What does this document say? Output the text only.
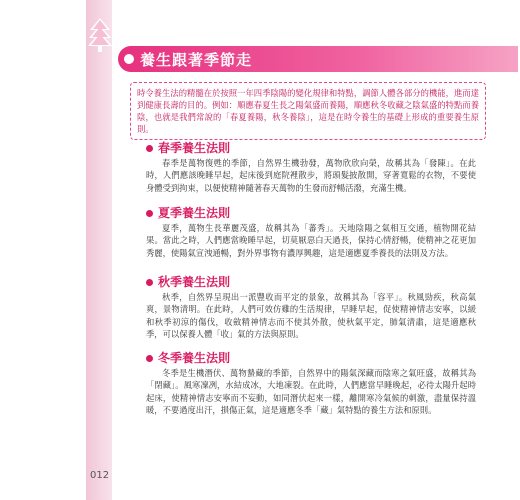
養生跟著季節走
時令養生法的精髓在於按照一年四季陰陽的變化規律和特點，調節人體各部分的機能，進而達到健康長壽的目的。例如：順應春夏生長之陽氣盛而養陽，順應秋冬收藏之陰氣盛的特點而養陰，也就是我們常說的「春夏養陽，秋冬養陰」，這是在時令養生的基礎上形成的重要養生原則。
春季養生法則
春季是萬物復甦的季節，自然界生機勃發，萬物欣欣向榮，故稱其為「發陳」。在此時，人們應該晚睡早起，起床後到庭院裡散步，將頭髮披散開，穿著寬鬆的衣物，不要使身體受到拘束，以便使精神隨著春天萬物的生發而舒暢活潑，充滿生機。
夏季養生法則
夏季，萬物生長華麗茂盛，故稱其為「蕃秀」。天地陰陽之氣相互交通，植物開花結果。當此之時，人們應當晚睡早起，切莫厭惡白天過長，保持心情舒暢，使精神之花更加秀麗，使陽氣宣洩通暢，對外界事物有濃厚興趣，這是適應夏季養長的法則及方法。
秋季養生法則
秋季，自然界呈現出一派豐收而平定的景象，故稱其為「容平」。秋風勁疾，秋高氣爽，景物清明。在此時，人們可效仿雞的生活規律，早睡早起，促使精神情志安寧，以緩和秋季初涼的傷伐，收斂精神情志而不使其外散，使秋氣平定，肺氣清肅，這是適應秋季，可以保養人體「收」氣的方法與原則。
冬季養生法則
冬季是生機潛伏、萬物蟄藏的季節，自然界中的陽氣深藏而陰寒之氣旺盛，故稱其為「閉藏」。風寒凜冽，水結成冰，大地凍裂。在此時，人們應當早睡晚起，必待太陽升起時起床，使精神情志安寧而不妄動，如同潛伏起來一樣，離開寒冷氣候的刺激，盡量保持溫暖，不要過度出汗，損傷正氣，這是適應冬季「藏」氣特點的養生方法和原則。
012
